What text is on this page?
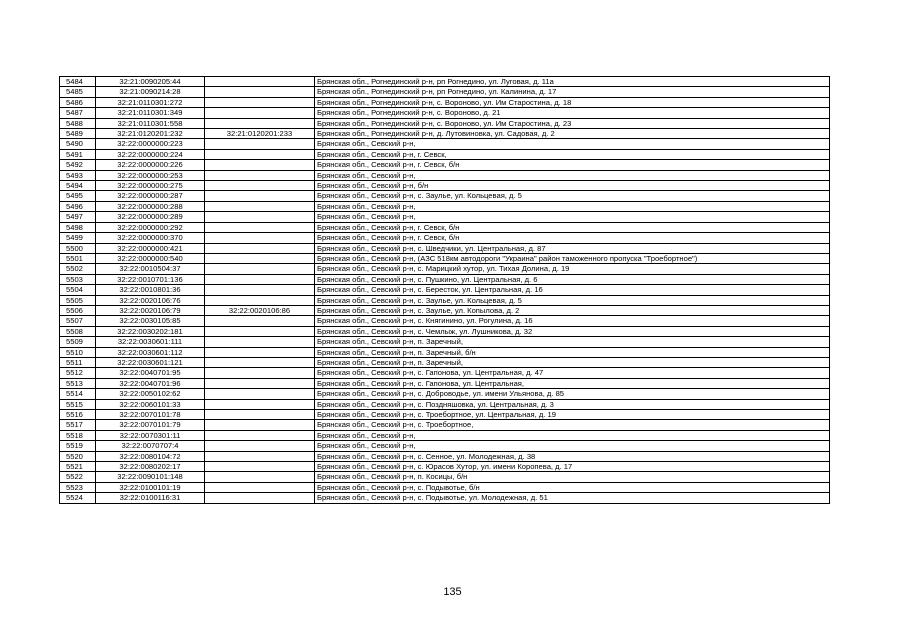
5484	32:21:0090205:44		Брянская обл., Рогнединский р-н, рп Рогнедино, ул. Луговая, д. 11а
5485	32:21:0090214:28		Брянская обл., Рогнединский р-н, рп Рогнедино, ул. Калинина, д. 17
5486	32:21:0110301:272		Брянская обл., Рогнединский р-н, с. Вороново, ул. Им Старостина, д. 18
5487	32:21:0110301:349		Брянская обл., Рогнединский р-н, с. Вороново, д. 21
5488	32:21:0110301:558		Брянская обл., Рогнединский р-н, с. Вороново, ул. Им Старостина, д. 23
5489	32:21:0120201:232	32:21:0120201:233	Брянская обл., Рогнединский р-н, д. Лутовиновка, ул. Садовая, д. 2
5490	32:22:0000000:223		Брянская обл., Севский р-н,
5491	32:22:0000000:224		Брянская обл., Севский р-н, г. Севск,
5492	32:22:0000000:226		Брянская обл., Севский р-н, г. Севск, б/н
5493	32:22:0000000:253		Брянская обл., Севский р-н,
5494	32:22:0000000:275		Брянская обл., Севский р-н, б/н
5495	32:22:0000000:287		Брянская обл., Севский р-н, с. Заулье, ул. Кольцевая, д. 5
5496	32:22:0000000:288		Брянская обл., Севский р-н,
5497	32:22:0000000:289		Брянская обл., Севский р-н,
5498	32:22:0000000:292		Брянская обл., Севский р-н, г. Севск, б/н
5499	32:22:0000000:370		Брянская обл., Севский р-н, г. Севск, б/н
5500	32:22:0000000:421		Брянская обл., Севский р-н, с. Шведчики, ул. Центральная, д. 87
5501	32:22:0000000:540		Брянская обл., Севский р-н, (АЗС 518км автодороги "Украина" район таможенного пропуска "Троебортное")
5502	32:22:0010504:37		Брянская обл., Севский р-н, с. Марицкий хутор, ул. Тихая Долина, д. 19
5503	32:22:0010701:136		Брянская обл., Севский р-н, с. Пушкино, ул. Центральная, д. 6
5504	32:22:0010801:36		Брянская обл., Севский р-н, с. Бересток, ул. Центральная, д. 16
5505	32:22:0020106:76		Брянская обл., Севский р-н, с. Заулье, ул. Кольцевая, д. 5
5506	32:22:0020106:79	32:22:0020106:86	Брянская обл., Севский р-н, с. Заулье, ул. Копылова, д. 2
5507	32:22:0030105:85		Брянская обл., Севский р-н, с. Княгинино, ул. Рогулина, д. 16
5508	32:22:0030202:181		Брянская обл., Севский р-н, с. Чемлыж, ул. Лушникова, д. 32
5509	32:22:0030601:111		Брянская обл., Севский р-н, п. Заречный,
5510	32:22:0030601:112		Брянская обл., Севский р-н, п. Заречный, б/н
5511	32:22:0030601:121		Брянская обл., Севский р-н, п. Заречный,
5512	32:22:0040701:95		Брянская обл., Севский р-н, с. Гапонова, ул. Центральная, д. 47
5513	32:22:0040701:96		Брянская обл., Севский р-н, с. Гапонова, ул. Центральная,
5514	32:22:0050102:62		Брянская обл., Севский р-н, с. Доброводье, ул. имени Ульянова, д. 85
5515	32:22:0060101:33		Брянская обл., Севский р-н, с. Поздняшовка, ул. Центральная, д. 3
5516	32:22:0070101:78		Брянская обл., Севский р-н, с. Троебортное, ул. Центральная, д. 19
5517	32:22:0070101:79		Брянская обл., Севский р-н, с. Троебортное,
5518	32:22:0070301:11		Брянская обл., Севский р-н,
5519	32:22:0070707:4		Брянская обл., Севский р-н,
5520	32:22:0080104:72		Брянская обл., Севский р-н, с. Сенное, ул. Молодежная, д. 38
5521	32:22:0080202:17		Брянская обл., Севский р-н, с. Юрасов Хутор, ул. имени Коропева, д. 17
5522	32:22:0090101:148		Брянская обл., Севский р-н, п. Косицы, б/н
5523	32:22:0100101:19		Брянская обл., Севский р-н, с. Подывотье, б/н
5524	32:22:0100116:31		Брянская обл., Севский р-н, с. Подывотье, ул. Молодежная, д. 51
135
